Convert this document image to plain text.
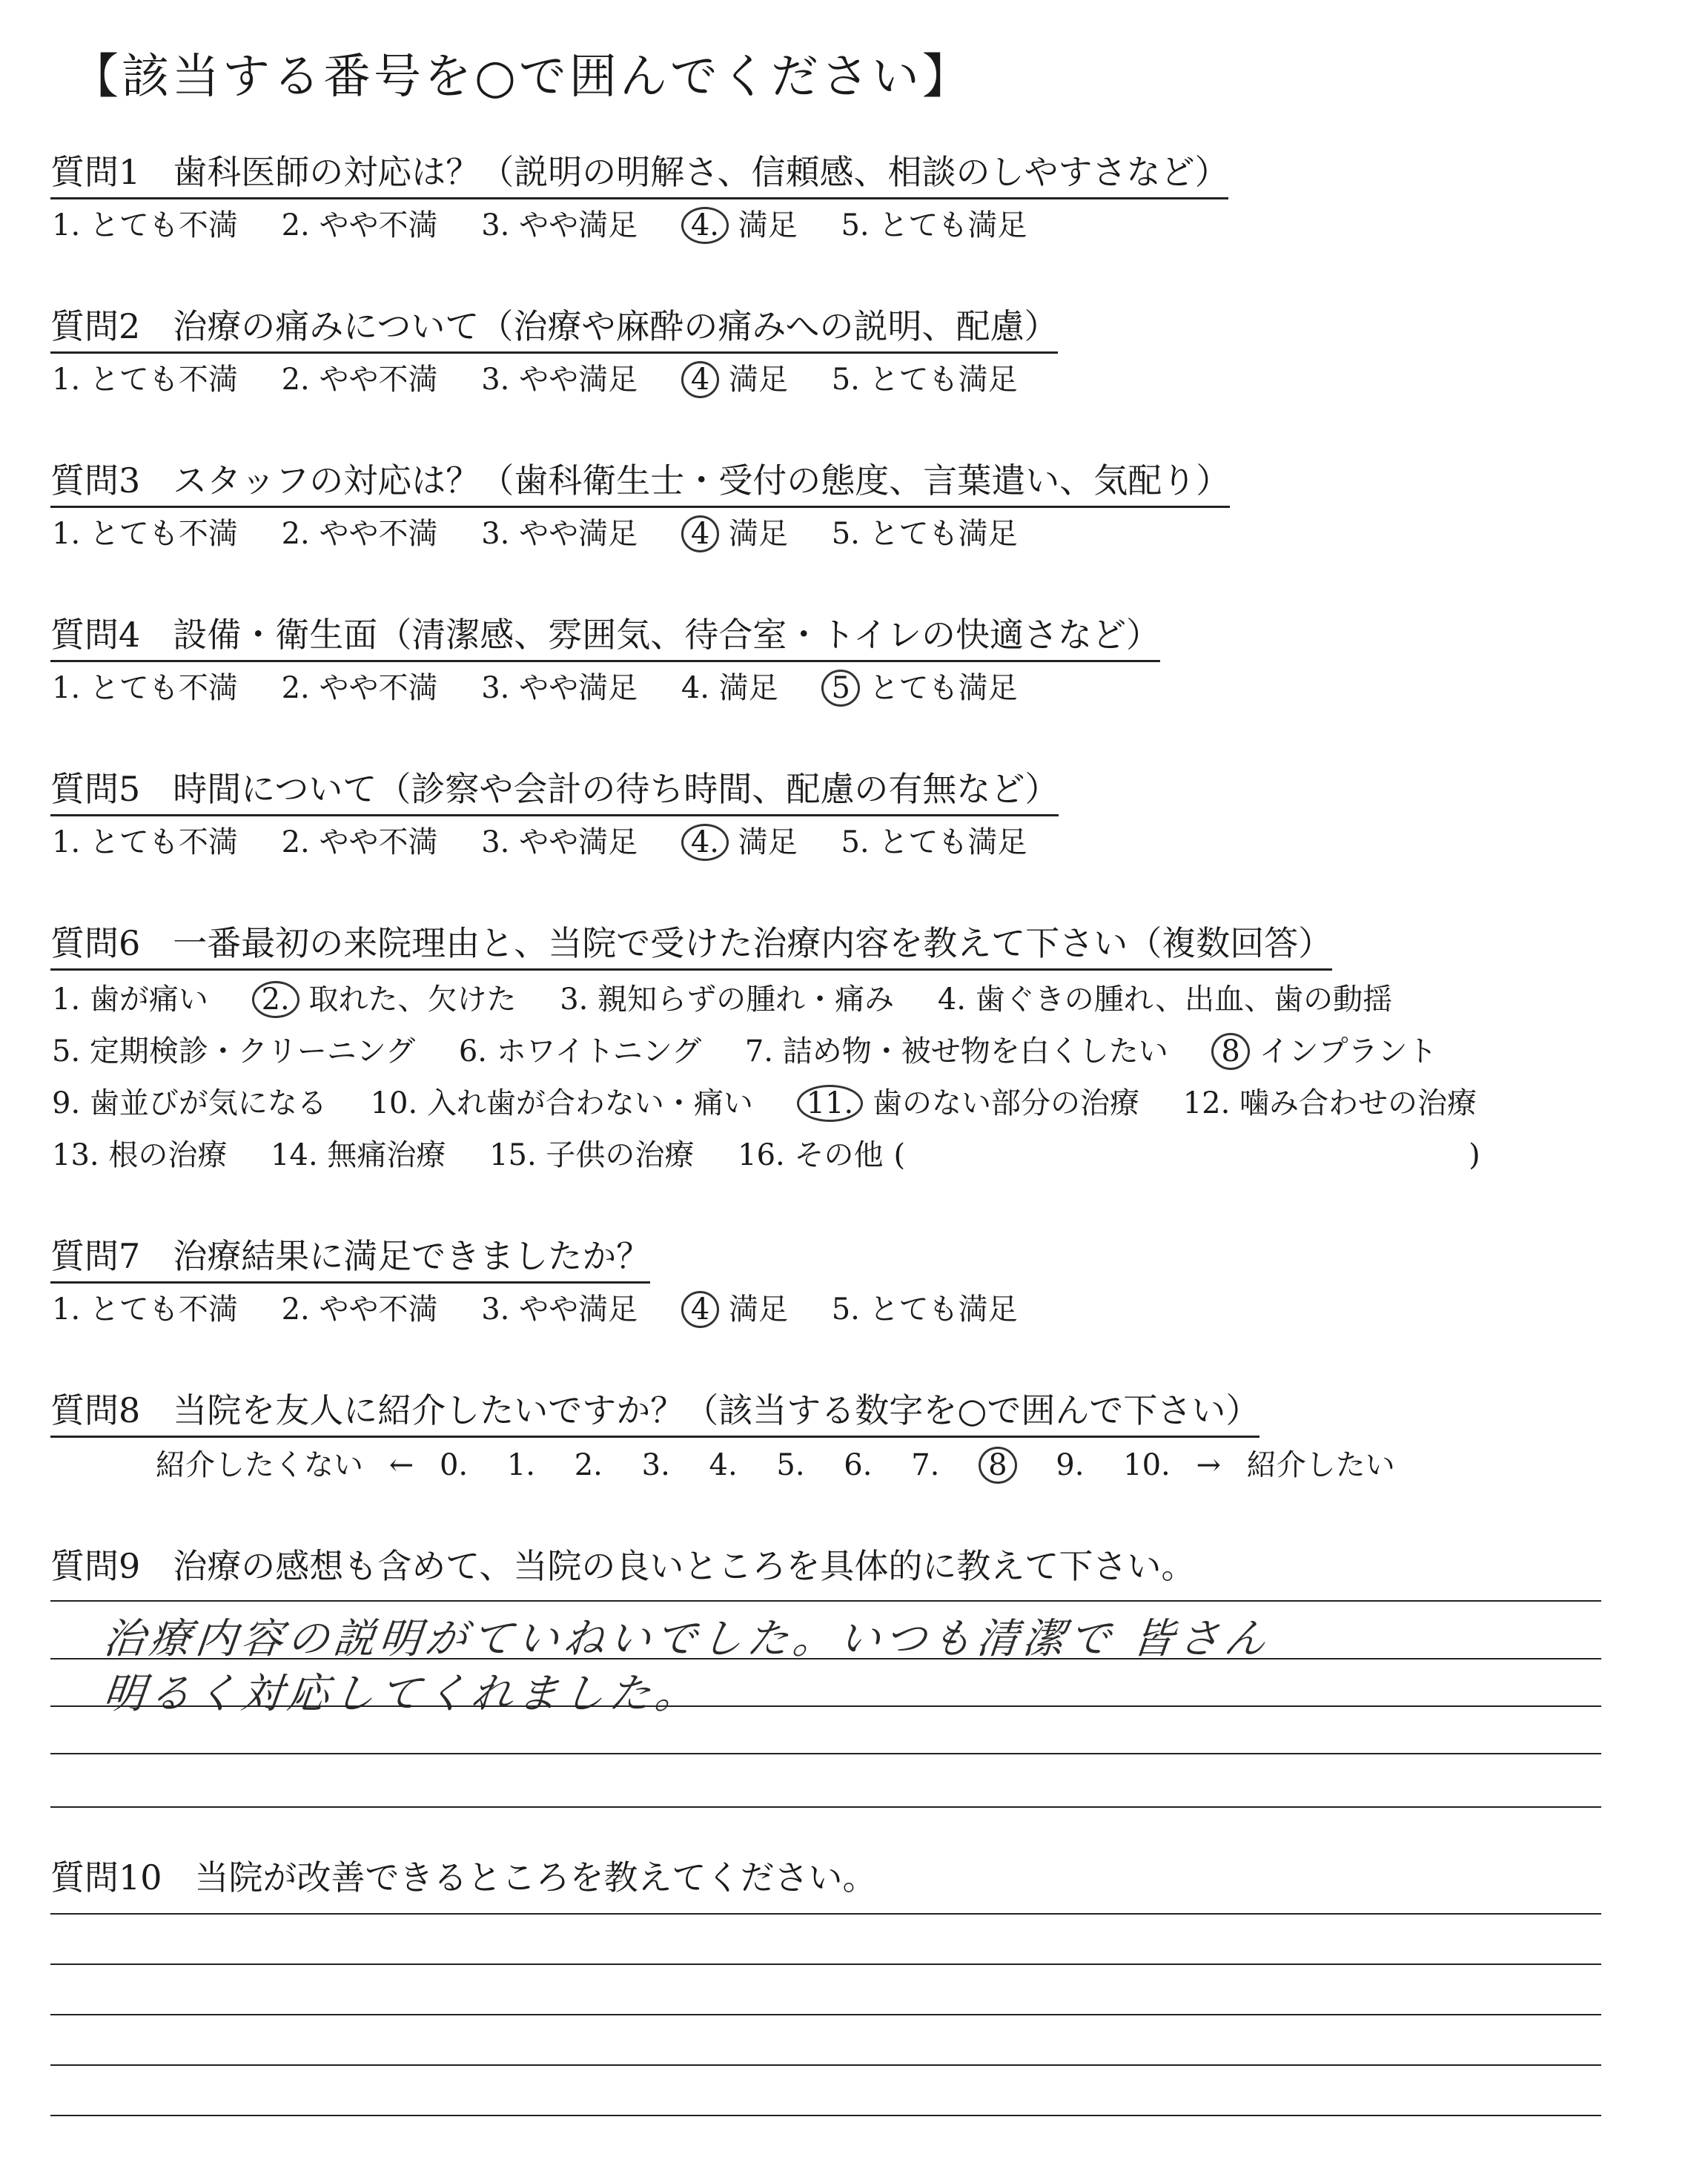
【該当する番号を○で囲んでください】
質問1 歯科医師の対応は？（説明の明解さ、信頼感、相談のしやすさなど）
1. とても不満 2. やや不満 3. やや満足 4. 満足 5. とても満足
質問2 治療の痛みについて（治療や麻酔の痛みへの説明、配慮）
1. とても不満 2. やや不満 3. やや満足 4 満足 5. とても満足
質問3 スタッフの対応は？（歯科衛生士・受付の態度、言葉遣い、気配り）
1. とても不満 2. やや不満 3. やや満足 4 満足 5. とても満足
質問4 設備・衛生面（清潔感、雰囲気、待合室・トイレの快適さなど）
1. とても不満 2. やや不満 3. やや満足 4. 満足 5 とても満足
質問5 時間について（診察や会計の待ち時間、配慮の有無など）
1. とても不満 2. やや不満 3. やや満足 4. 満足 5. とても満足
質問6 一番最初の来院理由と、当院で受けた治療内容を教えて下さい（複数回答）
1. 歯が痛い 2. 取れた、欠けた 3. 親知らずの腫れ・痛み 4. 歯ぐきの腫れ、出血、歯の動揺
5. 定期検診・クリーニング 6. ホワイトニング 7. 詰め物・被せ物を白くしたい 8 インプラント
9. 歯並びが気になる 10. 入れ歯が合わない・痛い 11. 歯のない部分の治療 12. 噛み合わせの治療
13. 根の治療 14. 無痛治療 15. 子供の治療 16. その他 (	)
質問7 治療結果に満足できましたか？
1. とても不満 2. やや不満 3. やや満足 4 満足 5. とても満足
質問8 当院を友人に紹介したいですか？（該当する数字を○で囲んで下さい）
紹介したくない ← 0. 1. 2. 3. 4. 5. 6. 7. 8 9. 10. → 紹介したい
質問9 治療の感想も含めて、当院の良いところを具体的に教えて下さい。
治療内容の説明がていねいでした。いつも清潔で 皆さん
明るく対応してくれました。
質問10 当院が改善できるところを教えてください。
